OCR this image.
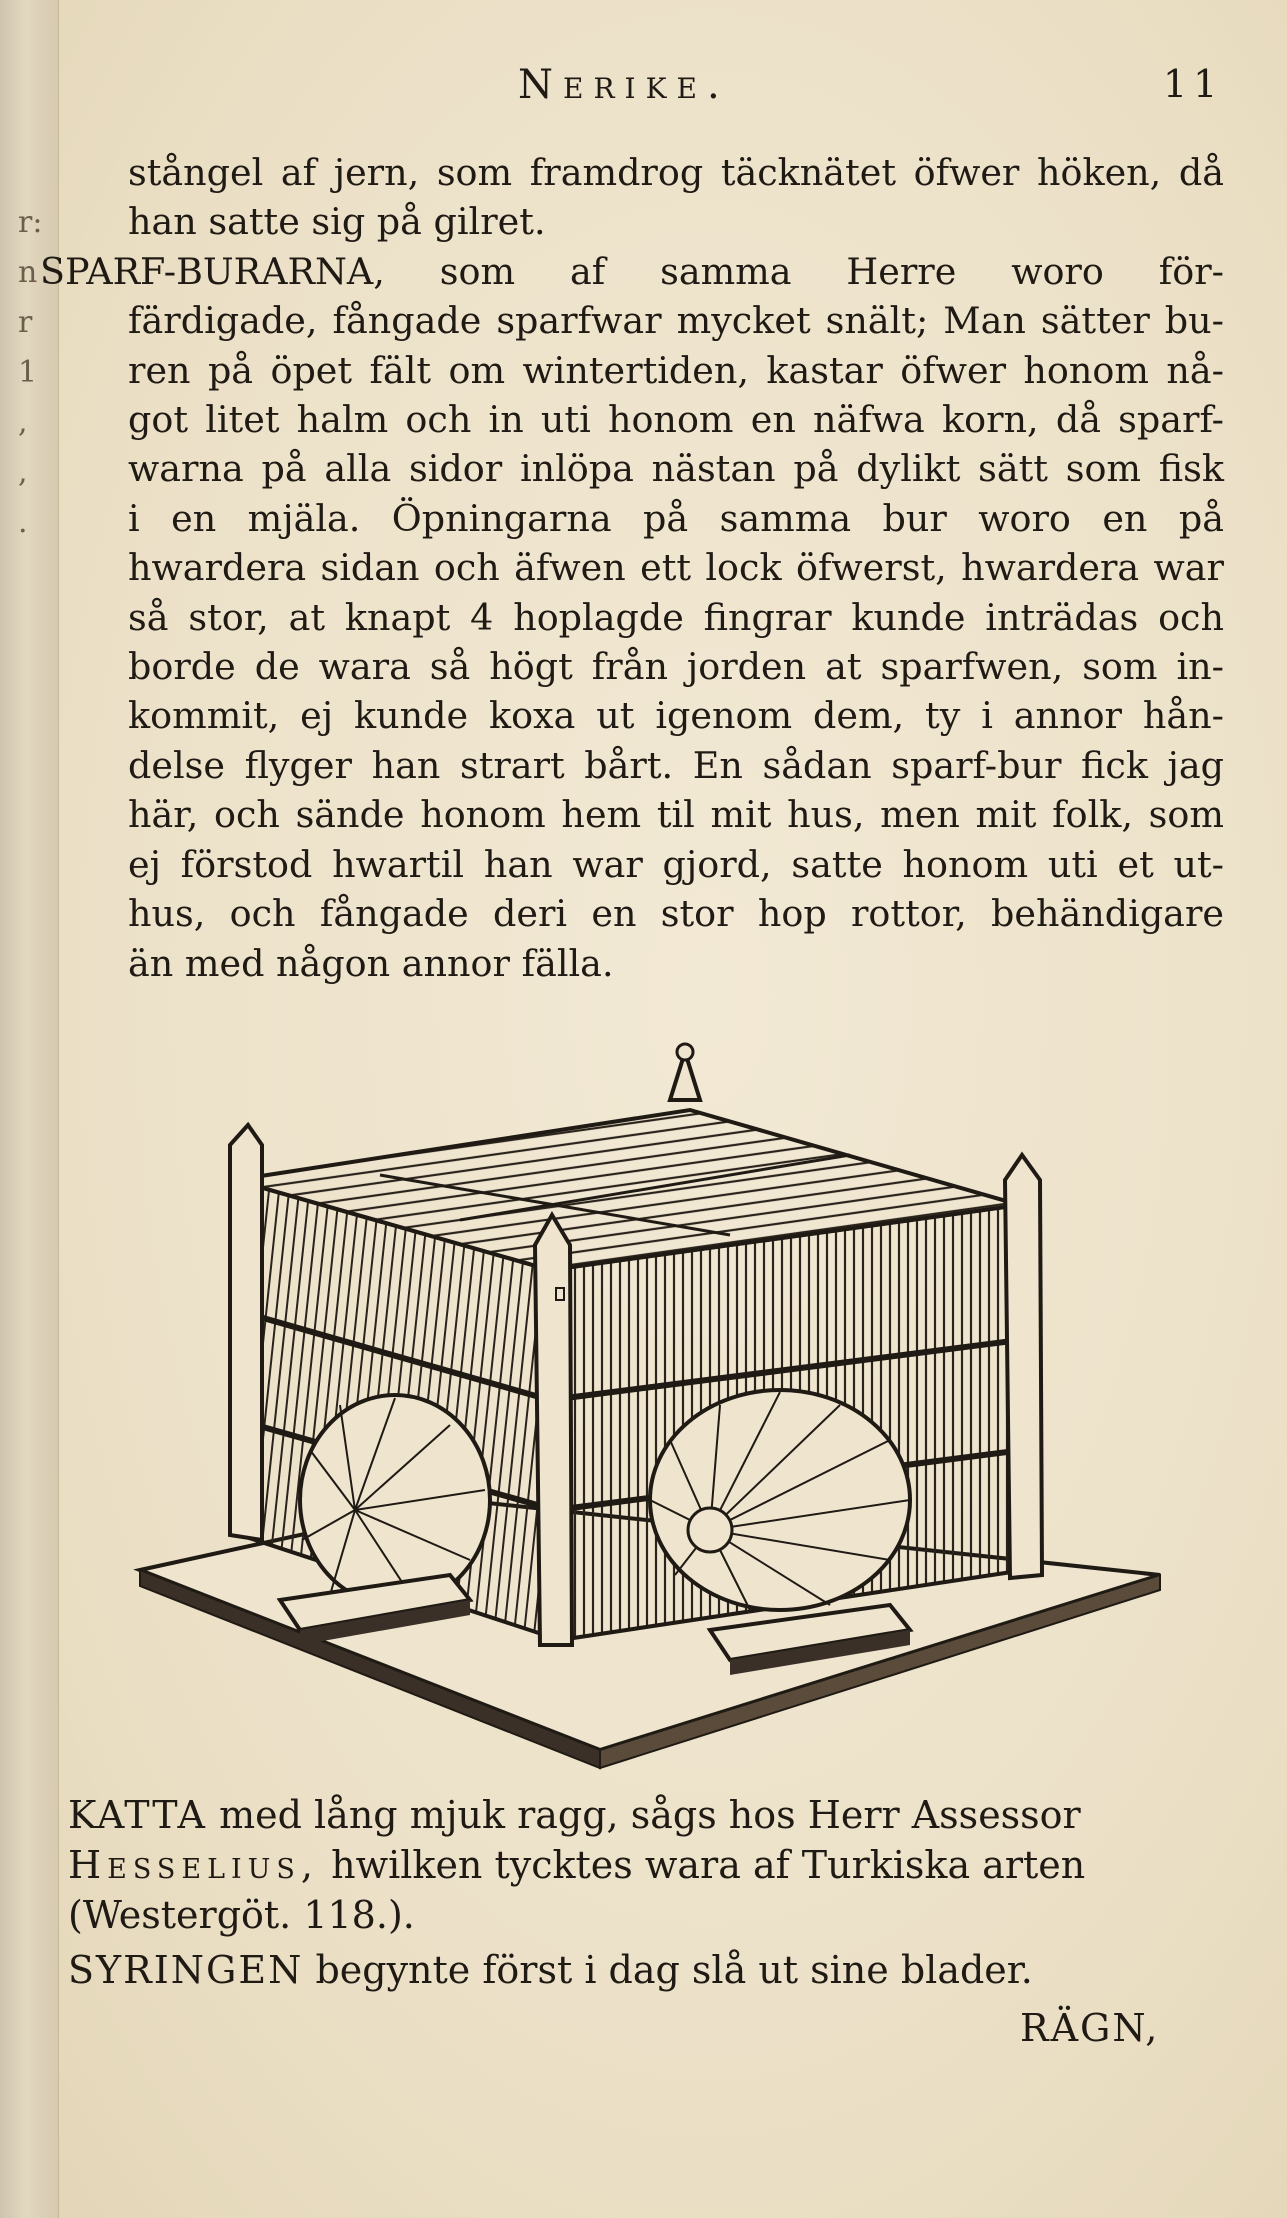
r:
n
r
1
,
,
.
Nerike.	11
stångel af jern, som framdrog täcknätet öfwer höken, då
han satte sig på gilret.
SPARF-BURARNA, som af samma Herre woro för-
färdigade, fångade sparfwar mycket snält; Man sätter bu-
ren på öpet fält om wintertiden, kastar öfwer honom nå-
got litet halm och in uti honom en näfwa korn, då sparf-
warna på alla sidor inlöpa nästan på dylikt sätt som fisk
i en mjäla. Öpningarna på samma bur woro en på
hwardera sidan och äfwen ett lock öfwerst, hwardera war
så stor, at knapt 4 hoplagde fingrar kunde inträdas och
borde de wara så högt från jorden at sparfwen, som in-
kommit, ej kunde koxa ut igenom dem, ty i annor hån-
delse flyger han strart bårt. En sådan sparf-bur fick jag
här, och sände honom hem til mit hus, men mit folk, som
ej förstod hwartil han war gjord, satte honom uti et ut-
hus, och fångade deri en stor hop rottor, behändigare
än med någon annor fälla.
KATTA med lång mjuk ragg, sågs hos Herr Assessor
Hesselius, hwilken tycktes wara af Turkiska arten
(Westergöt. 118.).
SYRINGEN begynte först i dag slå ut sine blader.
RÄGN,
